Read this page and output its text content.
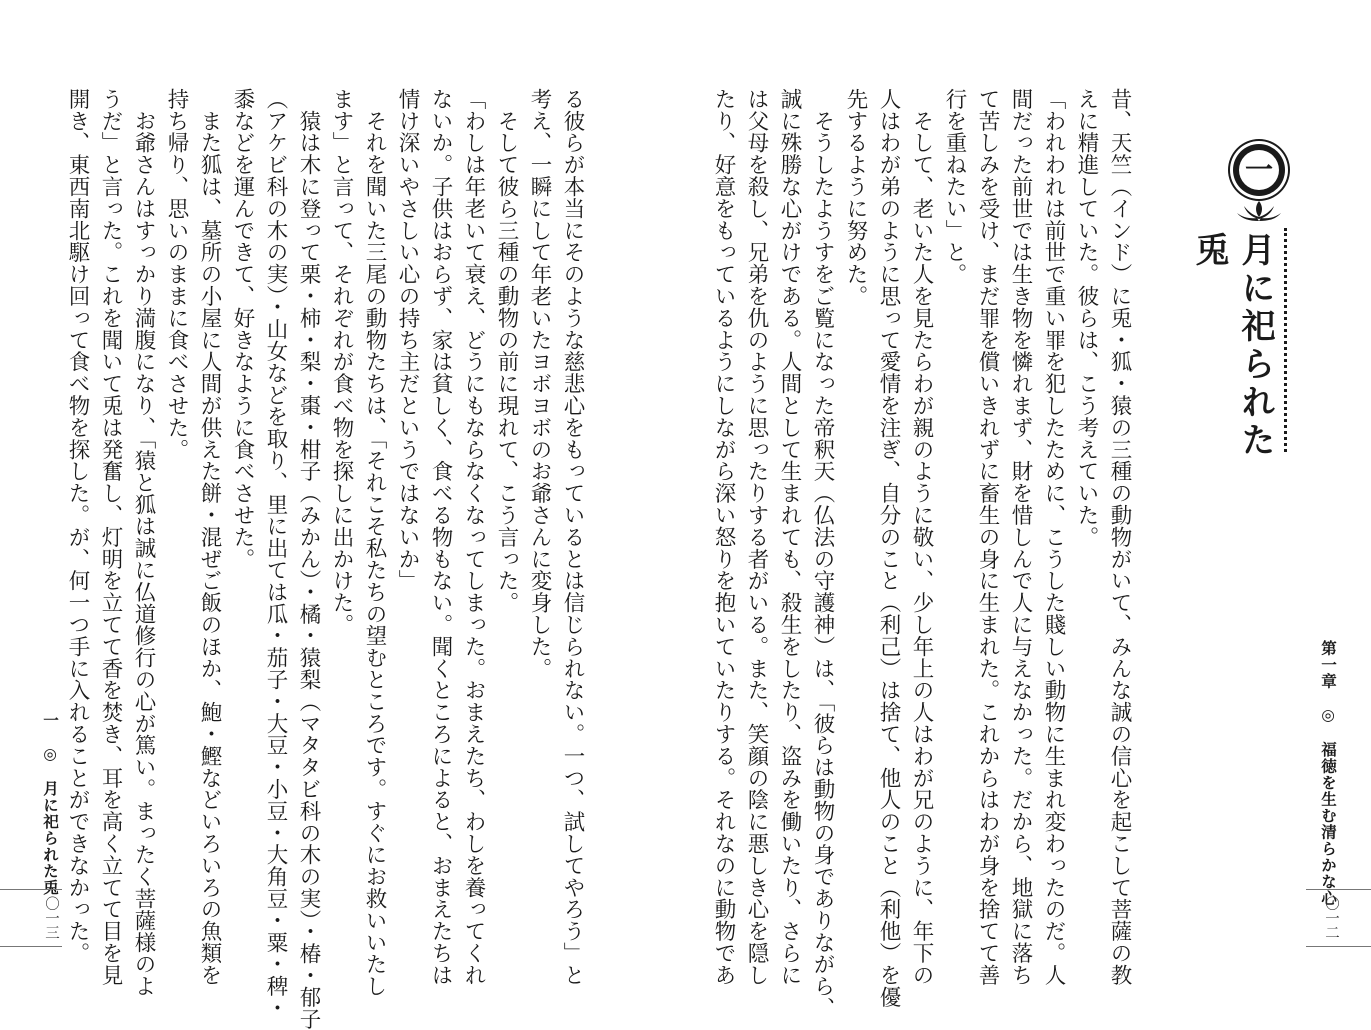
る彼らが本当にそのような慈悲心をもっているとは信じられない。一つ、試してやろう」と
考え、一瞬にして年老いたヨボヨボのお爺さんに変身した。
　そして彼ら三種の動物の前に現れて、こう言った。
「わしは年老いて衰え、どうにもならなくなってしまった。おまえたち、わしを養ってくれ
ないか。子供はおらず、家は貧しく、食べる物もない。聞くところによると、おまえたちは
情け深いやさしい心の持ち主だというではないか」
　それを聞いた三尾の動物たちは、「それこそ私たちの望むところです。すぐにお救いいたし
ます」と言って、それぞれが食べ物を探しに出かけた。
　猿は木に登って栗・柿・梨・棗・柑子（みかん）・橘・猿梨（マタタビ科の木の実）・椿・郁子
（アケビ科の木の実）・山女などを取り、里に出ては瓜・茄子・大豆・小豆・大角豆・粟・稗・
黍などを運んできて、好きなように食べさせた。
　また狐は、墓所の小屋に人間が供えた餅・混ぜご飯のほか、鮑・鰹などいろいろの魚類を
持ち帰り、思いのままに食べさせた。
　お爺さんはすっかり満腹になり、「猿と狐は誠に仏道修行の心が篤い。まったく菩薩様のよ
うだ」と言った。これを聞いて兎は発奮し、灯明を立てて香を焚き、耳を高く立てて目を見
開き、東西南北駆け回って食べ物を探した。が、何一つ手に入れることができなかった。
一　◎　月に祀られた兎
〇一三
一
月に祀られた兎
昔、天竺（インド）に兎・狐・猿の三種の動物がいて、みんな誠の信心を起こして菩薩の教
えに精進していた。彼らは、こう考えていた。
「われわれは前世で重い罪を犯したために、こうした賤しい動物に生まれ変わったのだ。人
間だった前世では生き物を憐れまず、財を惜しんで人に与えなかった。だから、地獄に落ち
て苦しみを受け、まだ罪を償いきれずに畜生の身に生まれた。これからはわが身を捨てて善
行を重ねたい」と。
　そして、老いた人を見たらわが親のように敬い、少し年上の人はわが兄のように、年下の
人はわが弟のように思って愛情を注ぎ、自分のこと（利己）は捨て、他人のこと（利他）を優
先するように努めた。
　そうしたようすをご覧になった帝釈天（仏法の守護神）は、「彼らは動物の身でありながら、
誠に殊勝な心がけである。人間として生まれても、殺生をしたり、盗みを働いたり、さらに
は父母を殺し、兄弟を仇のように思ったりする者がいる。また、笑顔の陰に悪しき心を隠し
たり、好意をもっているようにしながら深い怒りを抱いていたりする。それなのに動物であ	第一章　◎　福徳を生む清らかな心
〇一二
